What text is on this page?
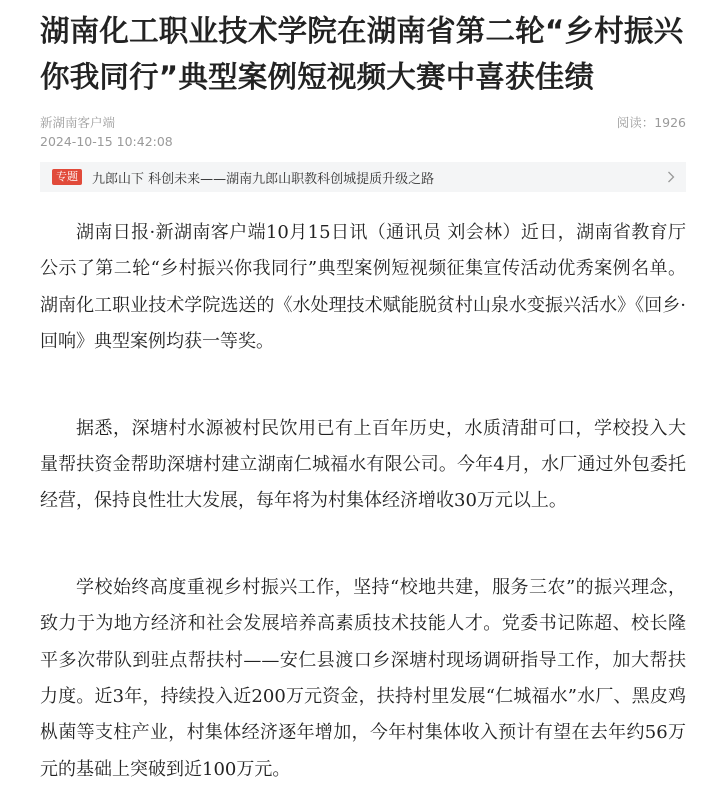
湖南化工职业技术学院在湖南省第二轮“乡村振兴你我同行”典型案例短视频大赛中喜获佳绩
新湖南客户端
2024-10-15 10:42:08
阅读：1926
专题	九郎山下 科创未来——湖南九郎山职教科创城提质升级之路

湖南日报·新湖南客户端10月15日讯（通讯员 刘会林）近日，湖南省教育厅公示了第二轮“乡村振兴你我同行”典型案例短视频征集宣传活动优秀案例名单。湖南化工职业技术学院选送的《水处理技术赋能脱贫村山泉水变振兴活水》《回乡·回响》典型案例均获一等奖。

据悉，深塘村水源被村民饮用已有上百年历史，水质清甜可口，学校投入大量帮扶资金帮助深塘村建立湖南仁城福水有限公司。今年4月，水厂通过外包委托经营，保持良性壮大发展，每年将为村集体经济增收30万元以上。

学校始终高度重视乡村振兴工作，坚持“校地共建，服务三农”的振兴理念，致力于为地方经济和社会发展培养高素质技术技能人才。党委书记陈超、校长隆平多次带队到驻点帮扶村——安仁县渡口乡深塘村现场调研指导工作，加大帮扶力度。近3年，持续投入近200万元资金，扶持村里发展“仁城福水”水厂、黑皮鸡枞菌等支柱产业，村集体经济逐年增加，今年村集体收入预计有望在去年约56万元的基础上突破到近100万元。
